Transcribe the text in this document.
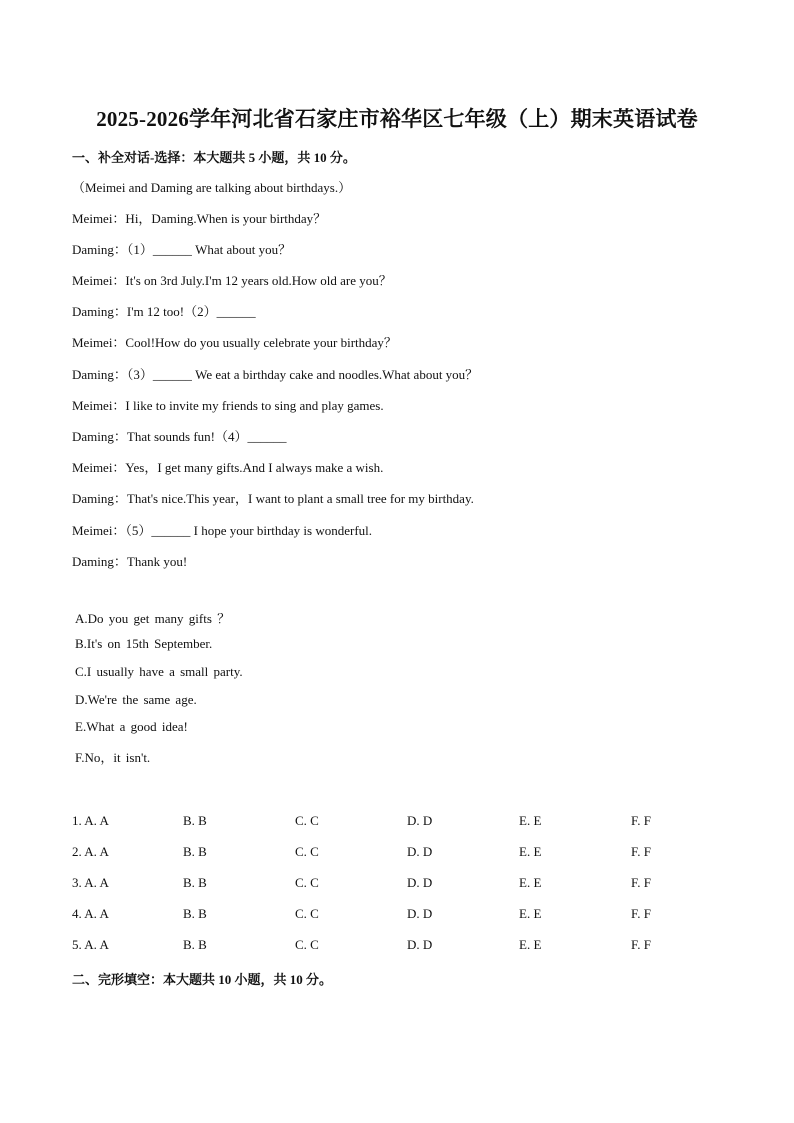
2025-2026学年河北省石家庄市裕华区七年级（上）期末英语试卷
一、补全对话-选择：本大题共 5 小题，共 10 分。
（Meimei and Daming are talking about birthdays.）
Meimei：Hi，Daming.When is your birthday？
Daming：（1）______ What about you？
Meimei：It's on 3rd July.I'm 12 years old.How old are you？
Daming：I'm 12 too!（2）______
Meimei：Cool!How do you usually celebrate your birthday？
Daming：（3）______ We eat a birthday cake and noodles.What about you？
Meimei：I like to invite my friends to sing and play games.
Daming：That sounds fun!（4）______
Meimei：Yes，I get many gifts.And I always make a wish.
Daming：That's nice.This year，I want to plant a small tree for my birthday.
Meimei：（5）______ I hope your birthday is wonderful.
Daming：Thank you!
A.Do you get many gifts ？
B.It's on 15th September.
C.I usually have a small party.
D.We're the same age.
E.What a good idea!
F.No，it isn't.
1. A. A	B. B	C. C	D. D	E. E	F. F
2. A. A	B. B	C. C	D. D	E. E	F. F
3. A. A	B. B	C. C	D. D	E. E	F. F
4. A. A	B. B	C. C	D. D	E. E	F. F
5. A. A	B. B	C. C	D. D	E. E	F. F
二、完形填空：本大题共 10 小题，共 10 分。
